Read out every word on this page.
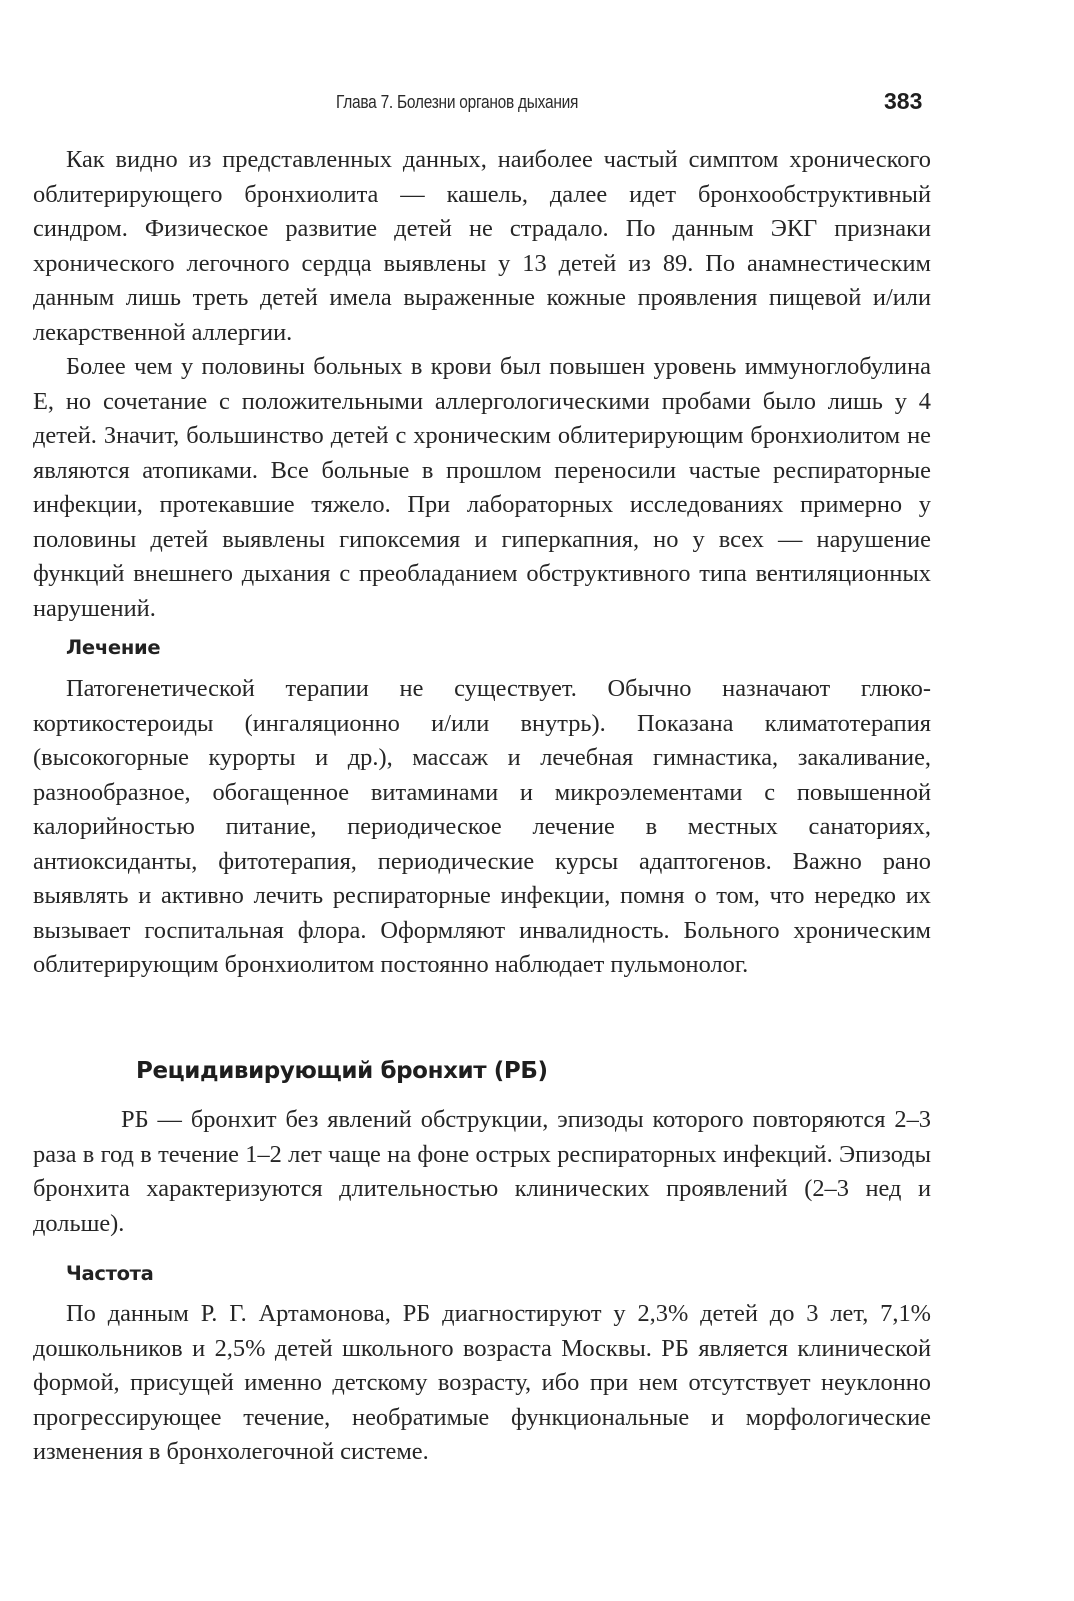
Глава 7. Болезни органов дыхания	383

Как видно из представленных данных, наиболее частый симптом хронического облитерирующего бронхиолита — кашель, далее идет бронхообструктивный синдром. Физическое развитие детей не страдало. По данным ЭКГ признаки хронического легочного сердца выявлены у 13 детей из 89. По анамнестическим данным лишь треть детей имела выраженные кожные проявления пищевой и/или лекарственной аллергии.

Более чем у половины больных в крови был повышен уровень иммуноглобулина Е, но сочетание с положительными аллергологическими пробами было лишь у 4 детей. Значит, большинство детей с хроническим облитерирующим бронхиолитом не являются атопиками. Все больные в прошлом переносили частые респираторные инфекции, протекавшие тяжело. При лабораторных исследованиях примерно у половины детей выявлены гипоксемия и гиперкапния, но у всех — нарушение функций внешнего дыхания с преобладанием обструктивного типа вентиляционных нарушений.

Лечение

Патогенетической терапии не существует. Обычно назначают глюкокортикостероиды (ингаляционно и/или внутрь). Показана климатотерапия (высокогорные курорты и др.), массаж и лечебная гимнастика, закаливание, разнообразное, обогащенное витаминами и микроэлементами с повышенной калорийностью питание, периодическое лечение в местных санаториях, антиоксиданты, фитотерапия, периодические курсы адаптогенов. Важно рано выявлять и активно лечить респираторные инфекции, помня о том, что нередко их вызывает госпитальная флора. Оформляют инвалидность. Больного хроническим облитерирующим бронхиолитом постоянно наблюдает пульмонолог.

Рецидивирующий бронхит (РБ)

РБ — бронхит без явлений обструкции, эпизоды которого повторяются 2–3 раза в год в течение 1–2 лет чаще на фоне острых респираторных инфекций. Эпизоды бронхита характеризуются длительностью клинических проявлений (2–3 нед и дольше).

Частота

По данным Р. Г. Артамонова, РБ диагностируют у 2,3% детей до 3 лет, 7,1% дошкольников и 2,5% детей школьного возраста Москвы. РБ является клинической формой, присущей именно детскому возрасту, ибо при нем отсутствует неуклонно прогрессирующее течение, необратимые функциональные и морфологические изменения в бронхолегочной системе.
